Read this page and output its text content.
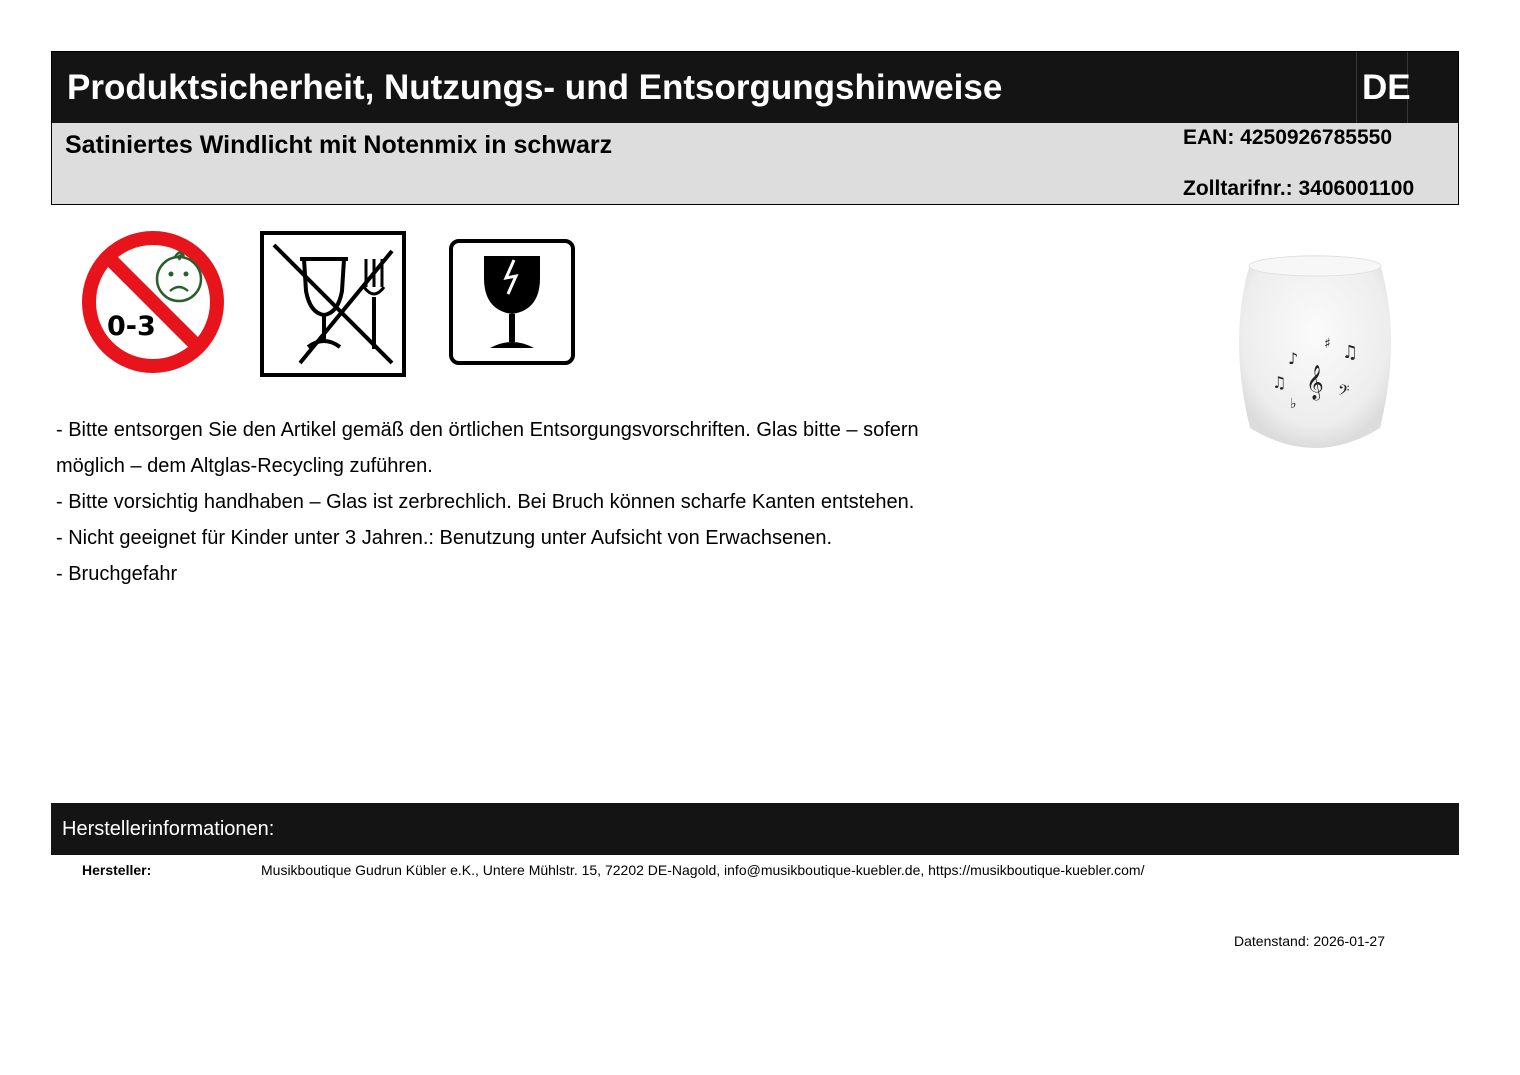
Produktsicherheit, Nutzungs- und Entsorgungshinweise	DE
Satiniertes Windlicht mit Notenmix in schwarz	EAN: 4250926785550
Zolltarifnr.: 3406001100
0-3
♪
♯ ♫
♫ 𝄞
♭
𝄢
- Bitte entsorgen Sie den Artikel gemäß den örtlichen Entsorgungsvorschriften. Glas bitte – sofern
möglich – dem Altglas-Recycling zuführen.
- Bitte vorsichtig handhaben – Glas ist zerbrechlich. Bei Bruch können scharfe Kanten entstehen.
- Nicht geeignet für Kinder unter 3 Jahren.: Benutzung unter Aufsicht von Erwachsenen.
- Bruchgefahr
Herstellerinformationen:
Hersteller:	Musikboutique Gudrun Kübler e.K., Untere Mühlstr. 15, 72202 DE-Nagold, info@musikboutique-kuebler.de, https://musikboutique-kuebler.com/
Datenstand: 2026-01-27
